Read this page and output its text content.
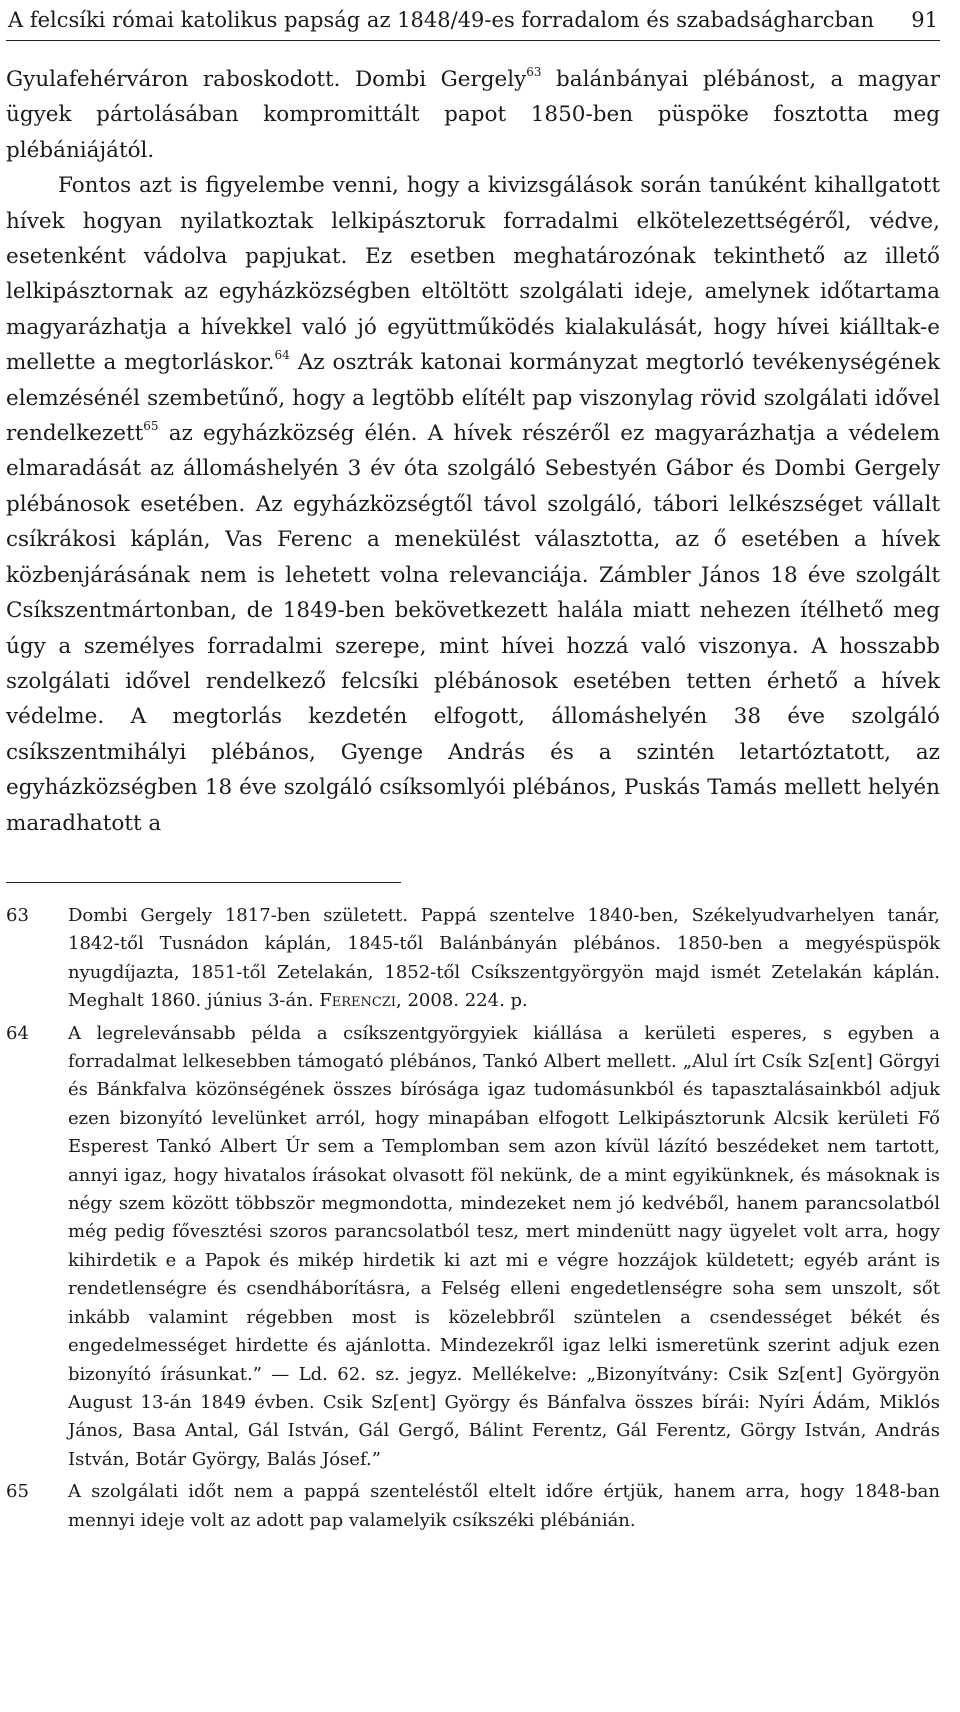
A felcsíki római katolikus papság az 1848/49-es forradalom és szabadságharcban 91

Gyulafehérváron raboskodott. Dombi Gergely$^{63}$ balánbányai plébánost, a magyar ügyek pártolásában kompromittált papot 1850-ben püspöke fosztotta meg plébániájától.

Fontos azt is figyelembe venni, hogy a kivizsgálások során tanúként kihallgatott hívek hogyan nyilatkoztak lelkipásztoruk forradalmi elkötelezettségéről, védve, esetenként vádolva papjukat. Ez esetben meghatározónak tekinthető az illető lelkipásztornak az egyházközségben eltöltött szolgálati ideje, amelynek időtartama magyarázhatja a hívekkel való jó együttműködés kialakulását, hogy hívei kiálltak-e mellette a megtorláskor.$^{64}$ Az osztrák katonai kormányzat megtorló tevékenységének elemzésénél szembetűnő, hogy a legtöbb elítélt pap viszonylag rövid szolgálati idővel rendelkezett$^{65}$ az egyházközség élén. A hívek részéről ez magyarázhatja a védelem elmaradását az állomáshelyén 3 év óta szolgáló Sebestyén Gábor és Dombi Gergely plébánosok esetében. Az egyházközségtől távol szolgáló, tábori lelkészséget vállalt csíkrákosi káplán, Vas Ferenc a menekülést választotta, az ő esetében a hívek közbenjárásának nem is lehetett volna relevanciája. Zámbler János 18 éve szolgált Csíkszentmártonban, de 1849-ben bekövetkezett halála miatt nehezen ítélhető meg úgy a személyes forradalmi szerepe, mint hívei hozzá való viszonya. A hosszabb szolgálati idővel rendelkező felcsíki plébánosok esetében tetten érhető a hívek védelme. A megtorlás kezdetén elfogott, állomáshelyén 38 éve szolgáló csíkszentmihályi plébános, Gyenge András és a szintén letartóztatott, az egyházközségben 18 éve szolgáló csíksomlyói plébános, Puskás Tamás mellett helyén maradhatott a

63 Dombi Gergely 1817-ben született. Pappá szentelve 1840-ben, Székelyudvarhelyen tanár, 1842-től Tusnádon káplán, 1845-től Balánbányán plébános. 1850-ben a megyéspüspök nyugdíjazta, 1851-től Zetelakán, 1852-től Csíkszentgyörgyön majd ismét Zetelakán káplán. Meghalt 1860. június 3-án. Ferenczi, 2008. 224. p.
64 A legrelevánsabb példa a csíkszentgyörgyiek kiállása a kerületi esperes, s egyben a forradalmat lelkesebben támogató plébános, Tankó Albert mellett. „Alul írt Csík Sz[ent] Görgyi és Bánkfalva közönségének összes bírósága igaz tudomásunkból és tapasztalásainkból adjuk ezen bizonyító levelünket arról, hogy minapában elfogott Lelkipásztorunk Alcsik kerületi Fő Esperest Tankó Albert Úr sem a Templomban sem azon kívül lázító beszédeket nem tartott, annyi igaz, hogy hivatalos írásokat olvasott föl nekünk, de a mint egyikünknek, és másoknak is négy szem között többször megmondotta, mindezeket nem jó kedvéből, hanem parancsolatból még pedig fővesztési szoros parancsolatból tesz, mert mindenütt nagy ügyelet volt arra, hogy kihirdetik e a Papok és mikép hirdetik ki azt mi e végre hozzájok küldetett; egyéb aránt is rendetlenségre és csendháborításra, a Felség elleni engedetlenségre soha sem unszolt, sőt inkább valamint régebben most is közelebbről szüntelen a csendességet békét és engedelmességet hirdette és ajánlotta. Mindezekről igaz lelki ismeretünk szerint adjuk ezen bizonyító írásunkat.” — Ld. 62. sz. jegyz. Mellékelve: „Bizonyítvány: Csik Sz[ent] Györgyön August 13-án 1849 évben. Csik Sz[ent] György és Bánfalva összes bírái: Nyíri Ádám, Miklós János, Basa Antal, Gál István, Gál Gergő, Bálint Ferentz, Gál Ferentz, Görgy István, András István, Botár György, Balás Jósef.”
65 A szolgálati időt nem a pappá szenteléstől eltelt időre értjük, hanem arra, hogy 1848-ban mennyi ideje volt az adott pap valamelyik csíkszéki plébánián.
